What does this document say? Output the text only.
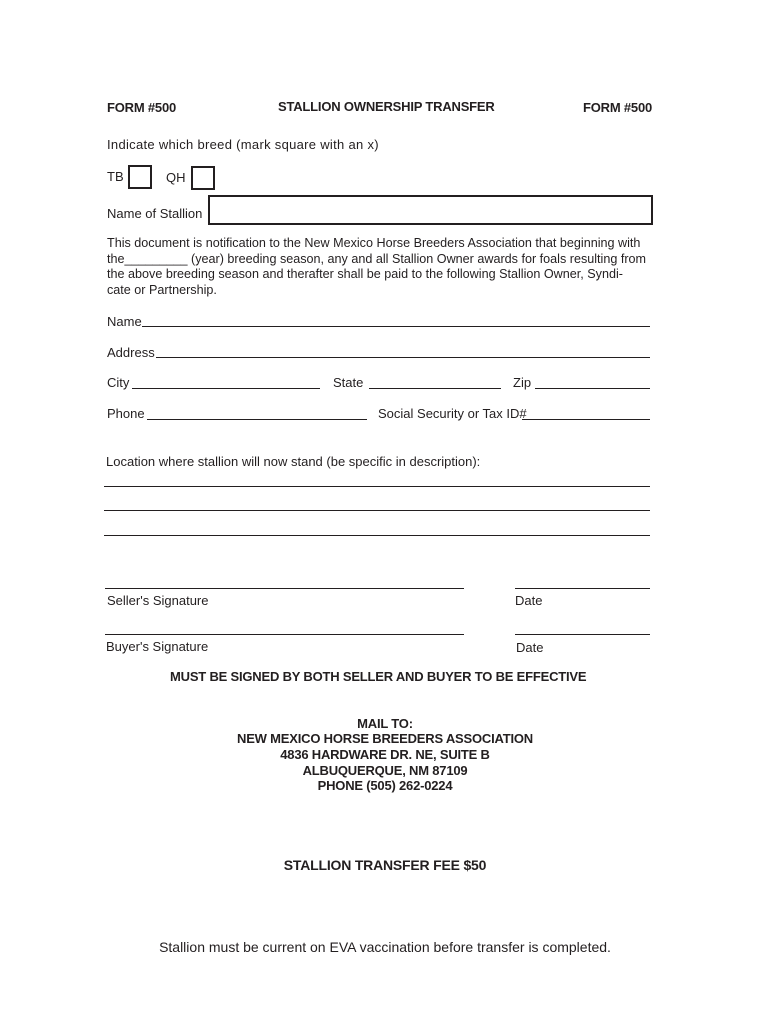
FORM #500	STALLION OWNERSHIP TRANSFER	FORM #500
Indicate which breed (mark square with an x)
TB	QH
Name of Stallion
This document is notification to the New Mexico Horse Breeders Association that beginning with
the_________ (year) breeding season, any and all Stallion Owner awards for foals resulting from
the above breeding season and therafter shall be paid to the following Stallion Owner, Syndi-
cate or Partnership.
Name
Address
City	State	Zip
Phone	Social Security or Tax ID#
Location where stallion will now stand (be specific in description):
Seller's Signature	Date
Buyer's Signature	Date
MUST BE SIGNED BY BOTH SELLER AND BUYER TO BE EFFECTIVE
MAIL TO:
NEW MEXICO HORSE BREEDERS ASSOCIATION
4836 HARDWARE DR. NE, SUITE B
ALBUQUERQUE, NM 87109
PHONE (505) 262-0224
STALLION TRANSFER FEE $50
Stallion must be current on EVA vaccination before transfer is completed.
